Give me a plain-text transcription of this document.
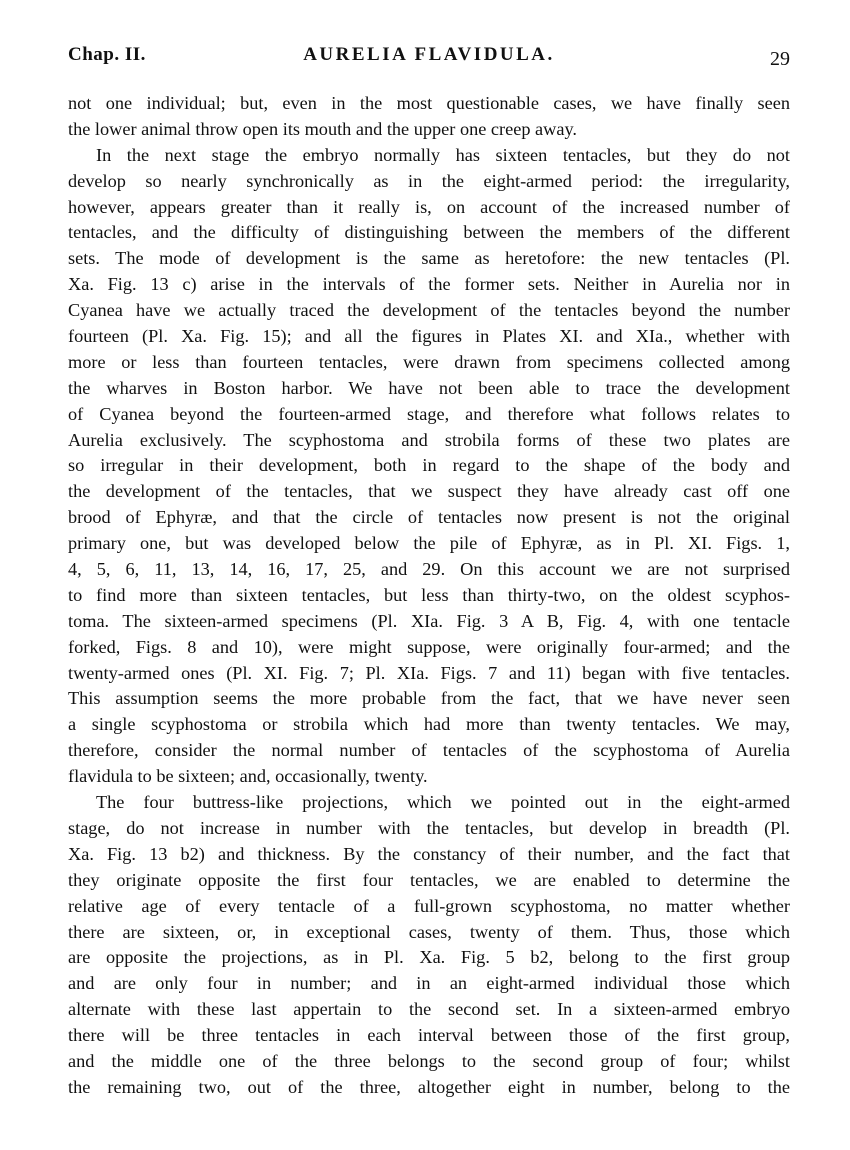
Chap. II.	AURELIA FLAVIDULA.	29
not one individual; but, even in the most questionable cases, we have finally seen
the lower animal throw open its mouth and the upper one creep away.
In the next stage the embryo normally has sixteen tentacles, but they do not
develop so nearly synchronically as in the eight-armed period: the irregularity,
however, appears greater than it really is, on account of the increased number of
tentacles, and the difficulty of distinguishing between the members of the different
sets. The mode of development is the same as heretofore: the new tentacles (Pl.
Xa. Fig. 13 c) arise in the intervals of the former sets. Neither in Aurelia nor in
Cyanea have we actually traced the development of the tentacles beyond the number
fourteen (Pl. Xa. Fig. 15); and all the figures in Plates XI. and XIa., whether with
more or less than fourteen tentacles, were drawn from specimens collected among
the wharves in Boston harbor. We have not been able to trace the development
of Cyanea beyond the fourteen-armed stage, and therefore what follows relates to
Aurelia exclusively. The scyphostoma and strobila forms of these two plates are
so irregular in their development, both in regard to the shape of the body and
the development of the tentacles, that we suspect they have already cast off one
brood of Ephyræ, and that the circle of tentacles now present is not the original
primary one, but was developed below the pile of Ephyræ, as in Pl. XI. Figs. 1,
4, 5, 6, 11, 13, 14, 16, 17, 25, and 29. On this account we are not surprised
to find more than sixteen tentacles, but less than thirty-two, on the oldest scyphos-
toma. The sixteen-armed specimens (Pl. XIa. Fig. 3 A B, Fig. 4, with one tentacle
forked, Figs. 8 and 10), were might suppose, were originally four-armed; and the
twenty-armed ones (Pl. XI. Fig. 7; Pl. XIa. Figs. 7 and 11) began with five tentacles.
This assumption seems the more probable from the fact, that we have never seen
a single scyphostoma or strobila which had more than twenty tentacles. We may,
therefore, consider the normal number of tentacles of the scyphostoma of Aurelia
flavidula to be sixteen; and, occasionally, twenty.
The four buttress-like projections, which we pointed out in the eight-armed
stage, do not increase in number with the tentacles, but develop in breadth (Pl.
Xa. Fig. 13 b2) and thickness. By the constancy of their number, and the fact that
they originate opposite the first four tentacles, we are enabled to determine the
relative age of every tentacle of a full-grown scyphostoma, no matter whether
there are sixteen, or, in exceptional cases, twenty of them. Thus, those which
are opposite the projections, as in Pl. Xa. Fig. 5 b2, belong to the first group
and are only four in number; and in an eight-armed individual those which
alternate with these last appertain to the second set. In a sixteen-armed embryo
there will be three tentacles in each interval between those of the first group,
and the middle one of the three belongs to the second group of four; whilst
the remaining two, out of the three, altogether eight in number, belong to the
